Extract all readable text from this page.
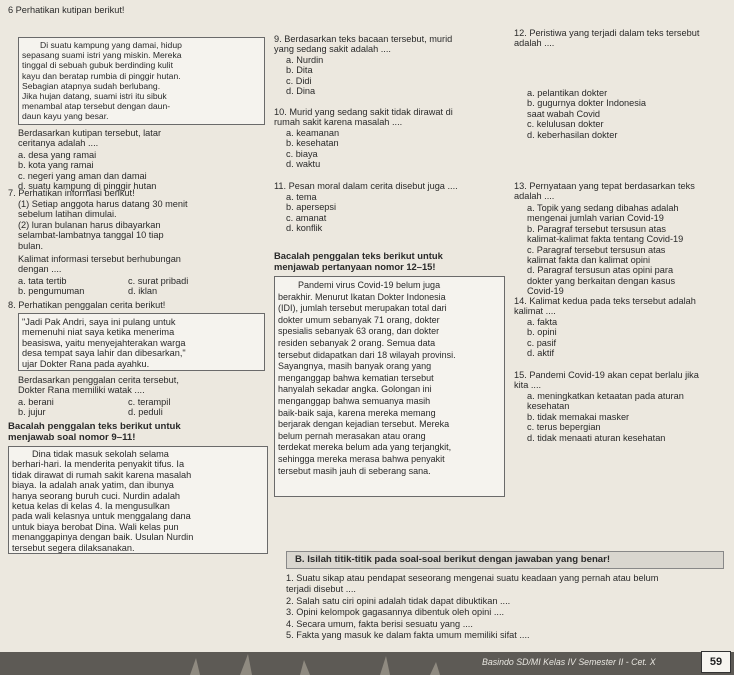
6 Perhatikan kutipan berikut!
Di suatu kampung yang damai, hidup
sepasang suami istri yang miskin. Mereka
tinggal di sebuah gubuk berdinding kulit
kayu dan beratap rumbia di pinggir hutan.
Sebagian atapnya sudah berlubang.
Jika hujan datang, suami istri itu sibuk
menambal atap tersebut dengan daun-
daun kayu yang besar.
Berdasarkan kutipan tersebut, latar
ceritanya adalah ....
a. desa yang ramai
b. kota yang ramai
c. negeri yang aman dan damai
d. suatu kampung di pinggir hutan
7. Perhatikan informasi berikut!
(1) Setiap anggota harus datang 30 menit
sebelum latihan dimulai.
(2) luran bulanan harus dibayarkan
selambat-lambatnya tanggal 10 tiap
bulan.
Kalimat informasi tersebut berhubungan
dengan ....
a. tata tertib	c. surat pribadi
b. pengumuman	d. iklan
8. Perhatikan penggalan cerita berikut!
"Jadi Pak Andri, saya ini pulang untuk
memenuhi niat saya ketika menerima
beasiswa, yaitu menyejahterakan warga
desa tempat saya lahir dan dibesarkan,"
ujar Dokter Rana pada ayahku.
Berdasarkan penggalan cerita tersebut,
Dokter Rana memiliki watak ....
a. berani	c. terampil
b. jujur	d. peduli
Bacalah penggalan teks berikut untuk
menjawab soal nomor 9–11!
Dina tidak masuk sekolah selama
berhari-hari. Ia menderita penyakit tifus. Ia
tidak dirawat di rumah sakit karena masalah
biaya. Ia adalah anak yatim, dan ibunya
hanya seorang buruh cuci. Nurdin adalah
ketua kelas di kelas 4. Ia mengusulkan
pada wali kelasnya untuk menggalang dana
untuk biaya berobat Dina. Wali kelas pun
menanggapinya dengan baik. Usulan Nurdin
tersebut segera dilaksanakan.
9. Berdasarkan teks bacaan tersebut, murid
yang sedang sakit adalah ....
a. Nurdin
b. Dita
c. Didi
d. Dina
10. Murid yang sedang sakit tidak dirawat di
rumah sakit karena masalah ....
a. keamanan
b. kesehatan
c. biaya
d. waktu
11. Pesan moral dalam cerita disebut juga ....
a. tema
b. apersepsi
c. amanat
d. konflik
Bacalah penggalan teks berikut untuk
menjawab pertanyaan nomor 12–15!
Pandemi virus Covid-19 belum juga
berakhir. Menurut Ikatan Dokter Indonesia
(IDI), jumlah tersebut merupakan total dari
dokter umum sebanyak 71 orang, dokter
spesialis sebanyak 63 orang, dan dokter
residen sebanyak 2 orang. Semua data
tersebut didapatkan dari 18 wilayah provinsi.
Sayangnya, masih banyak orang yang
menganggap bahwa kematian tersebut
hanyalah sekadar angka. Golongan ini
menganggap bahwa semuanya masih
baik-baik saja, karena mereka memang
berjarak dengan kejadian tersebut. Mereka
belum pernah merasakan atau orang
terdekat mereka belum ada yang terjangkit,
sehingga mereka merasa bahwa penyakit
tersebut masih jauh di seberang sana.
12. Peristiwa yang terjadi dalam teks tersebut
adalah ....
a. pelantikan dokter
b. gugurnya dokter Indonesia
saat wabah Covid
c. kelulusan dokter
d. keberhasilan dokter
13. Pernyataan yang tepat berdasarkan teks
adalah ....
a. Topik yang sedang dibahas adalah
mengenai jumlah varian Covid-19
b. Paragraf tersebut tersusun atas
kalimat-kalimat fakta tentang Covid-19
c. Paragraf tersebut tersusun atas
kalimat fakta dan kalimat opini
d. Paragraf tersusun atas opini para
dokter yang berkaitan dengan kasus
Covid-19
14. Kalimat kedua pada teks tersebut adalah
kalimat ....
a. fakta
b. opini
c. pasif
d. aktif
15. Pandemi Covid-19 akan cepat berlalu jika
kita ....
a. meningkatkan ketaatan pada aturan
kesehatan
b. tidak memakai masker
c. terus bepergian
d. tidak menaati aturan kesehatan
B. Isilah titik-titik pada soal-soal berikut dengan jawaban yang benar!
1. Suatu sikap atau pendapat seseorang mengenai suatu keadaan yang pernah atau belum
terjadi disebut ....
2. Salah satu ciri opini adalah tidak dapat dibuktikan ....
3. Opini kelompok gagasannya dibentuk oleh opini ....
4. Secara umum, fakta berisi sesuatu yang ....
5. Fakta yang masuk ke dalam fakta umum memiliki sifat ....
Basindo SD/MI Kelas IV Semester II - Cet. X	59
